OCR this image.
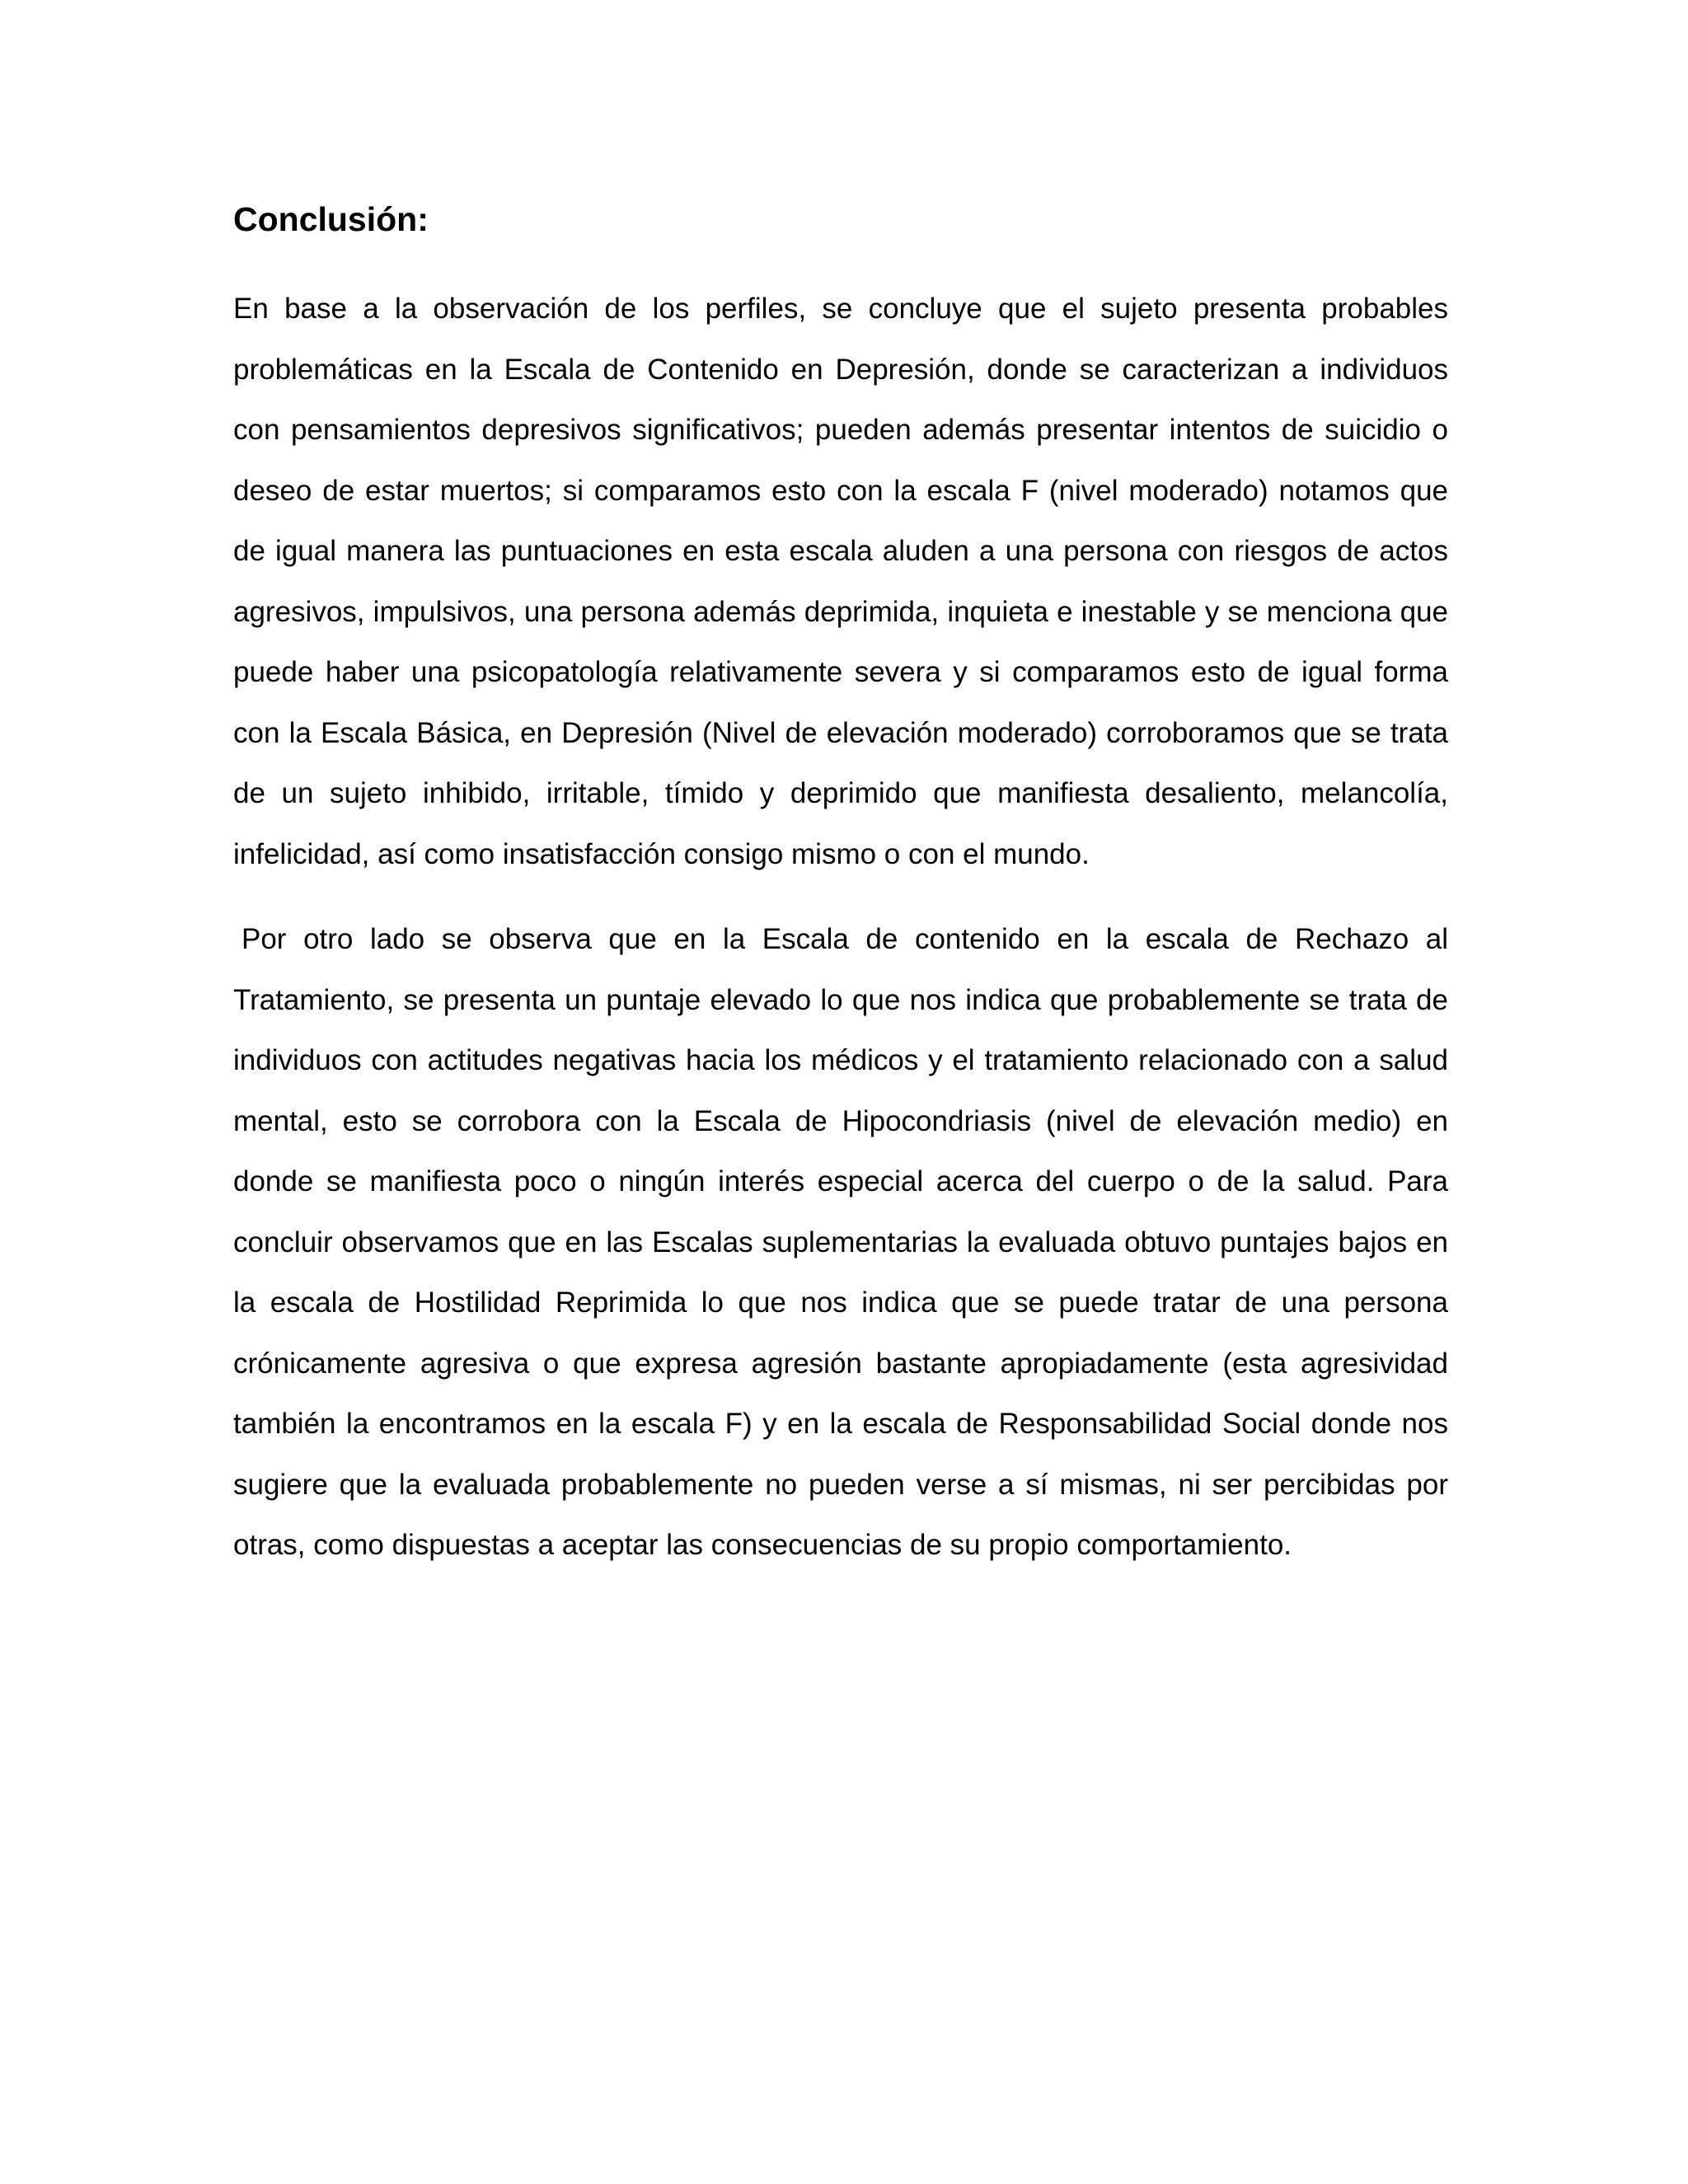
Conclusión:

En base a la observación de los perfiles, se concluye que el sujeto presenta probables problemáticas en la Escala de Contenido en Depresión, donde se caracterizan a individuos con pensamientos depresivos significativos; pueden además presentar intentos de suicidio o deseo de estar muertos; si comparamos esto con la escala F (nivel moderado) notamos que de igual manera las puntuaciones en esta escala aluden a una persona con riesgos de actos agresivos, impulsivos, una persona además deprimida, inquieta e inestable y se menciona que puede haber una psicopatología relativamente severa y si comparamos esto de igual forma con la Escala Básica, en Depresión (Nivel de elevación moderado) corroboramos que se trata de un sujeto inhibido, irritable, tímido y deprimido que manifiesta desaliento, melancolía, infelicidad, así como insatisfacción consigo mismo o con el mundo.

Por otro lado se observa que en la Escala de contenido en la escala de Rechazo al Tratamiento, se presenta un puntaje elevado lo que nos indica que probablemente se trata de individuos con actitudes negativas hacia los médicos y el tratamiento relacionado con a salud mental, esto se corrobora con la Escala de Hipocondriasis (nivel de elevación medio) en donde se manifiesta poco o ningún interés especial acerca del cuerpo o de la salud. Para concluir observamos que en las Escalas suplementarias la evaluada obtuvo puntajes bajos en la escala de Hostilidad Reprimida lo que nos indica que se puede tratar de una persona crónicamente agresiva o que expresa agresión bastante apropiadamente (esta agresividad también la encontramos en la escala F) y en la escala de Responsabilidad Social donde nos sugiere que la evaluada probablemente no pueden verse a sí mismas, ni ser percibidas por otras, como dispuestas a aceptar las consecuencias de su propio comportamiento.
